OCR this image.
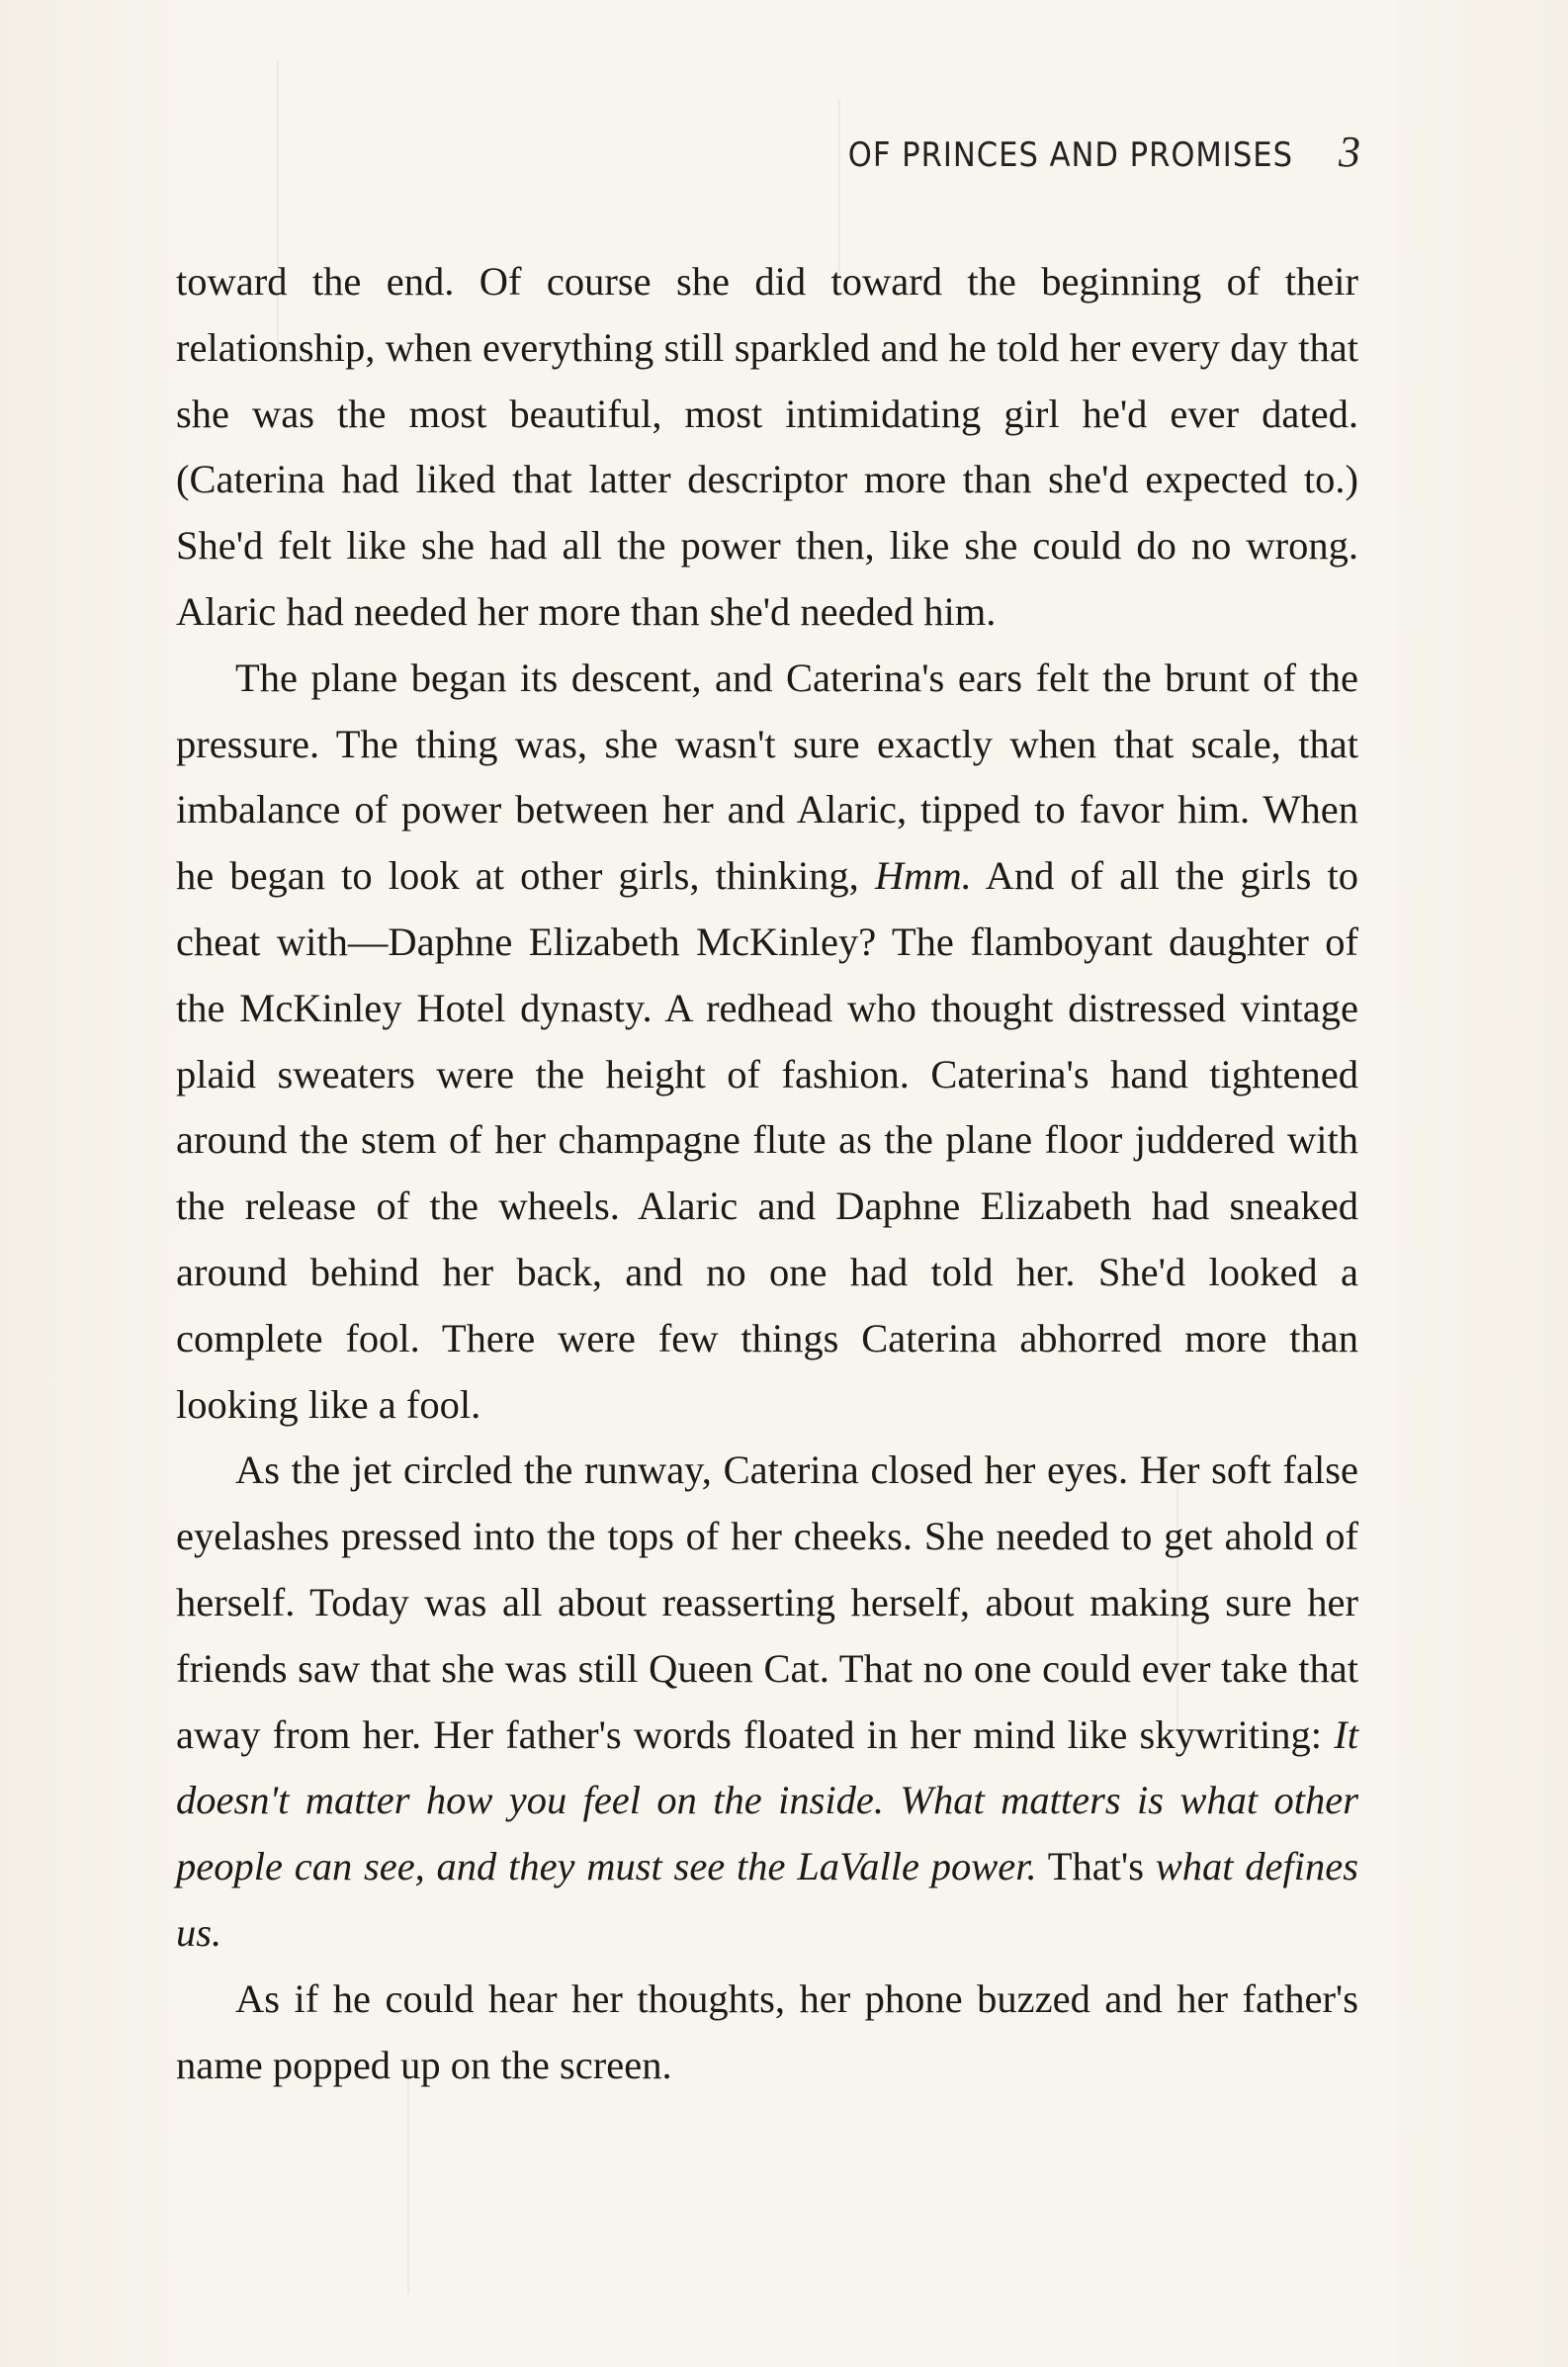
OF PRINCES AND PROMISES 3

toward the end. Of course she did toward the beginning of their relationship, when everything still sparkled and he told her every day that she was the most beautiful, most intimidating girl he'd ever dated. (Caterina had liked that latter descriptor more than she'd expected to.) She'd felt like she had all the power then, like she could do no wrong. Alaric had needed her more than she'd needed him.

The plane began its descent, and Caterina's ears felt the brunt of the pressure. The thing was, she wasn't sure exactly when that scale, that imbalance of power between her and Alaric, tipped to favor him. When he began to look at other girls, thinking, Hmm. And of all the girls to cheat with—Daphne Elizabeth McKinley? The flamboyant daughter of the McKinley Hotel dynasty. A redhead who thought distressed vintage plaid sweaters were the height of fashion. Caterina's hand tightened around the stem of her champagne flute as the plane floor juddered with the release of the wheels. Alaric and Daphne Elizabeth had sneaked around behind her back, and no one had told her. She'd looked a complete fool. There were few things Caterina abhorred more than looking like a fool.

As the jet circled the runway, Caterina closed her eyes. Her soft false eyelashes pressed into the tops of her cheeks. She needed to get ahold of herself. Today was all about reasserting herself, about making sure her friends saw that she was still Queen Cat. That no one could ever take that away from her. Her father's words floated in her mind like skywriting: It doesn't matter how you feel on the inside. What matters is what other people can see, and they must see the LaValle power. That's what defines us.

As if he could hear her thoughts, her phone buzzed and her father's name popped up on the screen.
